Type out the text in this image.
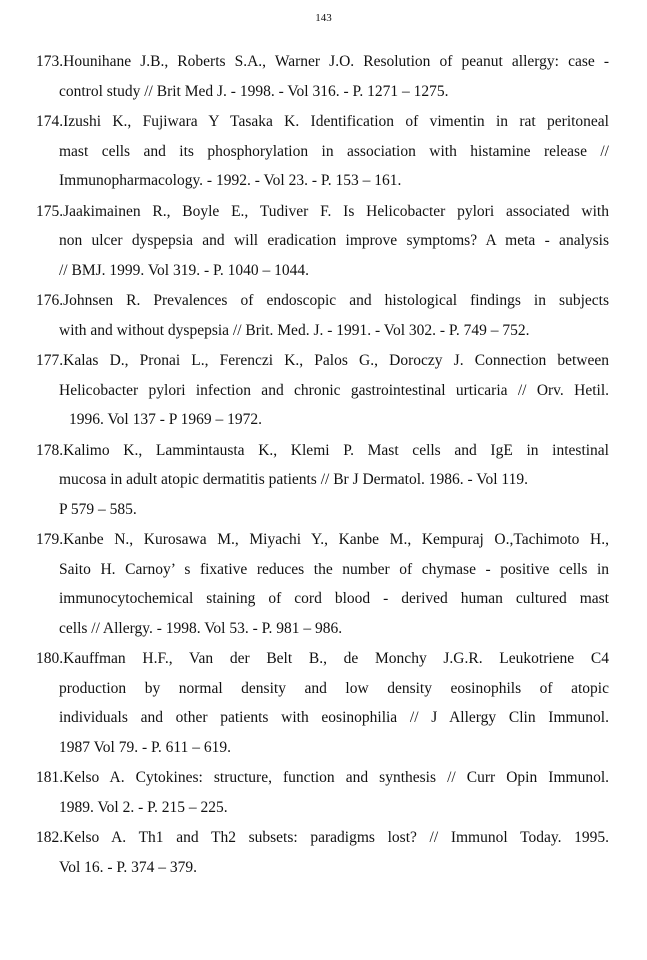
143
173.Hounihane J.B., Roberts S.A., Warner J.O. Resolution of peanut allergy: case -
control study // Brit Med J. - 1998. - Vol 316. - P. 1271 – 1275.
174.Izushi K., Fujiwara Y Tasaka K. Identification of vimentin in rat peritoneal
mast cells and its phosphorylation in association with histamine release //
Immunopharmacology. - 1992. - Vol 23. - P. 153 – 161.
175.Jaakimainen R., Boyle E., Tudiver F. Is Helicobacter pylori associated with
non ulcer dyspepsia and will eradication improve symptoms? A meta - analysis
// BMJ. 1999. Vol 319. - P. 1040 – 1044.
176.Johnsen R. Prevalences of endoscopic and histological findings in subjects
with and without dyspepsia // Brit. Med. J. - 1991. - Vol 302. - P. 749 – 752.
177.Kalas D., Pronai L., Ferenczi K., Palos G., Doroczy J. Connection between
Helicobacter pylori infection and chronic gastrointestinal urticaria // Orv. Hetil.
1996. Vol 137 - P 1969 – 1972.
178.Kalimo K., Lammintausta K., Klemi P. Mast cells and IgE in intestinal
mucosa in adult atopic dermatitis patients // Br J Dermatol. 1986. - Vol 119.
P 579 – 585.
179.Kanbe N., Kurosawa M., Miyachi Y., Kanbe M., Kempuraj O.,Tachimoto H.,
Saito H. Carnoy’ s fixative reduces the number of chymase - positive cells in
immunocytochemical staining of cord blood - derived human cultured mast
cells // Allergy. - 1998. Vol 53. - P. 981 – 986.
180.Kauffman H.F., Van der Belt B., de Monchy J.G.R. Leukotriene C4
production by normal density and low density eosinophils of atopic
individuals and other patients with eosinophilia // J Allergy Clin Immunol.
1987 Vol 79. - P. 611 – 619.
181.Kelso A. Cytokines: structure, function and synthesis // Curr Opin Immunol.
1989. Vol 2. - P. 215 – 225.
182.Kelso A. Th1 and Th2 subsets: paradigms lost? // Immunol Today. 1995.
Vol 16. - P. 374 – 379.
